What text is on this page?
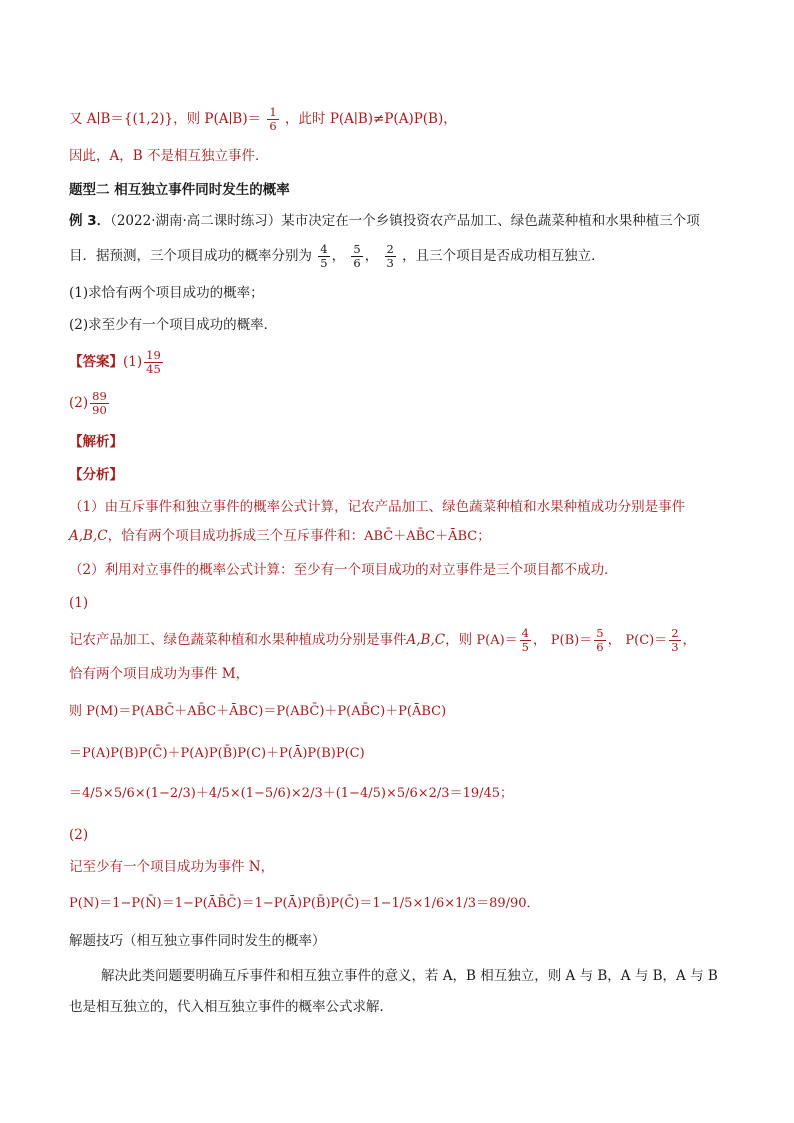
又 A∣B＝{(1,2)}，则 P(A∣B)＝ $\frac{1}{6}$ ，此时 P(A∣B)≠P(A)P(B)，
因此，A，B 不是相互独立事件．
题型二 相互独立事件同时发生的概率
例 3．（2022·湖南·高二课时练习）某市决定在一个乡镇投资农产品加工、绿色蔬菜种植和水果种植三个项
目．据预测，三个项目成功的概率分别为 $\frac{4}{5}$ ， $\frac{5}{6}$ ， $\frac{2}{3}$ ，且三个项目是否成功相互独立．
(1)求恰有两个项目成功的概率；
(2)求至少有一个项目成功的概率．
【答案】$(1) \frac{19}{45}$
$(2) \frac{89}{90}$
【解析】
【分析】
（1）由互斥事件和独立事件的概率公式计算，记农产品加工、绿色蔬菜种植和水果种植成功分别是事件
A,B,C，恰有两个项目成功拆成三个互斥事件和：ABC̄＋AB̄C＋ĀBC；
（2）利用对立事件的概率公式计算：至少有一个项目成功的对立事件是三个项目都不成功．
(1)
记农产品加工、绿色蔬菜种植和水果种植成功分别是事件A,B,C，则 $P(A)= \frac{4}{5}$ ， $P(B)= \frac{5}{6}$ ， $P(C)= \frac{2}{3}$ ，
恰有两个项目成功为事件 M，
则 P(M)＝P(ABC̄＋AB̄C＋ĀBC)＝P(ABC̄)＋P(AB̄C)＋P(ĀBC)
＝P(A)P(B)P(C̄)＋P(A)P(B̄)P(C)＋P(Ā)P(B)P(C)
＝4/5×5/6×(1−2/3)＋4/5×(1−5/6)×2/3＋(1−4/5)×5/6×2/3＝19/45；
(2)
记至少有一个项目成功为事件 N，
P(N)＝1−P(N̄)＝1−P(ĀB̄C̄)＝1−P(Ā)P(B̄)P(C̄)＝1−1/5×1/6×1/3＝89/90．
解题技巧（相互独立事件同时发生的概率）
解决此类问题要明确互斥事件和相互独立事件的意义，若 A，B 相互独立，则 A 与 B，A 与 B，A 与 B
也是相互独立的，代入相互独立事件的概率公式求解．
